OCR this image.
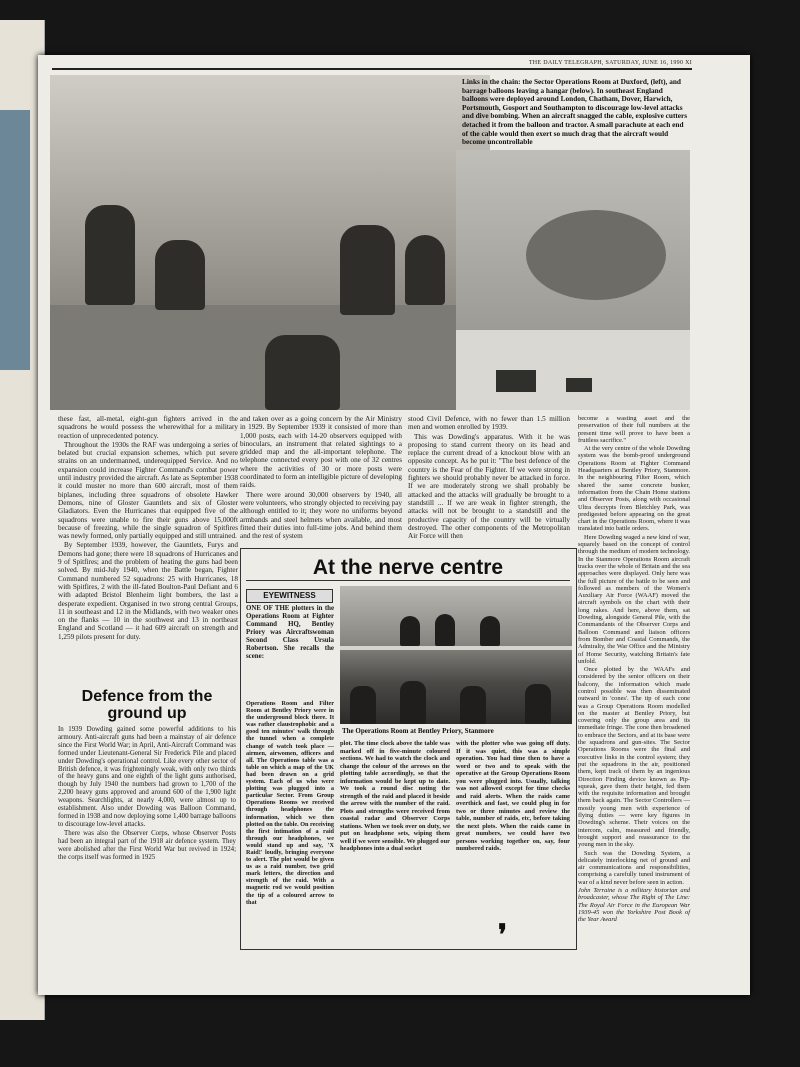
THE DAILY TELEGRAPH, SATURDAY, JUNE 16, 1990 XI
Links in the chain: the Sector Operations Room at Duxford, (left), and barrage balloons leaving a hangar (below). In southeast England balloons were deployed around London, Chatham, Dover, Harwich, Portsmouth, Gosport and Southampton to discourage low-level attacks and dive bombing. When an aircraft snagged the cable, explosive cutters detached it from the balloon and tractor. A small parachute at each end of the cable would then exert so much drag that the aircraft would become uncontrollable

these fast, all-metal, eight-gun fighters arrived in the squadrons he would possess the wherewithal for a military reaction of unprecedented potency.

Throughout the 1930s the RAF was undergoing a series of belated but crucial expansion schemes, which put severe strains on an undermanned, underequipped Service. And no expansion could increase Fighter Command's combat power until industry provided the aircraft. As late as September 1938 it could muster no more than 600 aircraft, most of them biplanes, including three squadrons of obsolete Hawker Demons, nine of Gloster Gauntlets and six of Gloster Gladiators. Even the Hurricanes that equipped five of the squadrons were unable to fire their guns above 15,000ft because of freezing, while the single squadron of Spitfires was newly formed, only partially equipped and still untrained.

By September 1939, however, the Gauntlets, Furys and Demons had gone; there were 18 squadrons of Hurricanes and 9 of Spitfires; and the problem of heating the guns had been solved. By mid-July 1940, when the Battle began, Fighter Command numbered 52 squadrons: 25 with Hurricanes, 18 with Spitfires, 2 with the ill-fated Boulton-Paul Defiant and 6 with adapted Bristol Blenheim light bombers, the last a desperate expedient. Organised in two strong central Groups, 11 in southeast and 12 in the Midlands, with two weaker ones on the flanks — 10 in the southwest and 13 in northeast England and Scotland — it had 609 aircraft on strength and 1,259 pilots present for duty.

and taken over as a going concern by the Air Ministry in 1929. By September 1939 it consisted of more than 1,000 posts, each with 14-20 observers equipped with binoculars, an instrument that related sightings to a gridded map and the all-important telephone. The telephone connected every post with one of 32 centres where the activities of 30 or more posts were coordinated to form an intelligible picture of developing raids.

There were around 30,000 observers by 1940, all were volunteers, who strongly objected to receiving pay although entitled to it; they wore no uniforms beyond armbands and steel helmets when available, and most fitted their duties into full-time jobs. And behind them and the rest of system

stood Civil Defence, with no fewer than 1.5 million men and women enrolled by 1939.

This was Dowding's apparatus. With it he was proposing to stand current theory on its head and replace the current dread of a knockout blow with an opposite concept. As he put it: "The best defence of the country is the Fear of the Fighter. If we were strong in fighters we should probably never be attacked in force. If we are moderately strong we shall probably be attacked and the attacks will gradually be brought to a standstill ... If we are weak in fighter strength, the attacks will not be brought to a standstill and the productive capacity of the country will be virtually destroyed. The other components of the Metropolitan Air Force will then

become a wasting asset and the preservation of their full numbers at the present time will prove to have been a fruitless sacrifice."

At the very centre of the whole Dowding system was the bomb-proof underground Operations Room at Fighter Command Headquarters at Bentley Priory, Stanmore. In the neighbouring Filter Room, which shared the same concrete bunker, information from the Chain Home stations and Observer Posts, along with occasional Ultra decrypts from Bletchley Park, was predigested before appearing on the great chart in the Operations Room, where it was translated into battle orders.

Here Dowding waged a new kind of war, squarely based on the concept of control through the medium of modern technology. In the Stanmore Operations Room aircraft tracks over the whole of Britain and the sea approaches were displayed. Only here was the full picture of the battle to be seen and followed as members of the Women's Auxiliary Air Force (WAAF) moved the aircraft symbols on the chart with their long rakes. And here, above them, sat Dowding, alongside General Pile, with the Commandants of the Observer Corps and Balloon Command and liaison officers from Bomber and Coastal Commands, the Admiralty, the War Office and the Ministry of Home Security, watching Britain's fate unfold.

Once plotted by the WAAFs and considered by the senior officers on their balcony, the information which made control possible was then disseminated outward in 'cones'. The tip of each cone was a Group Operations Room modelled on the master at Bentley Priory, but covering only the group area and its immediate fringe. The cone then broadened to embrace the Sectors, and at its base were the squadrons and gun-sites. The Sector Operations Rooms were the final and executive links in the control system; they put the squadrons in the air, positioned them, kept track of them by an ingenious Direction Finding device known as Pip-squeak, gave them their height, fed them with the requisite information and brought them back again. The Sector Controllers — mostly young men with experience of flying duties — were key figures in Dowding's scheme. Their voices on the intercom, calm, measured and friendly, brought support and reassurance to the young men in the sky.

Such was the Dowding System, a delicately interlocking net of ground and air communications and responsibilities, comprising a carefully tuned instrument of war of a kind never before seen in action.

John Terraine is a military historian and broadcaster, whose The Right of The Line: The Royal Air Force in the European War 1939-45 won the Yorkshire Post Book of the Year Award

At the nerve centre
EYEWITNESS
The Operations Room at Bentley Priory, Stanmore

ONE OF THE plotters in the Operations Room at Fighter Command HQ, Bentley Priory was Aircraftswoman Second Class Ursula Robertson. She recalls the scene:

Operations Room and Filter Room at Bentley Priory were in the underground block there. It was rather claustrophobic and a good ten minutes' walk through the tunnel when a complete change of watch took place — airmen, airwomen, officers and all. The Operations table was a table on which a map of the UK had been drawn on a grid system. Each of us who were plotting was plugged into a particular Sector. From Group Operations Rooms we received through headphones the information, which we then plotted on the table. On receiving the first intimation of a raid through our headphones, we would stand up and say, 'X Raid!' loudly, bringing everyone to alert. The plot would be given us as a raid number, two grid mark letters, the direction and strength of the raid. With a magnetic rod we would position the tip of a coloured arrow to that

plot. The time clock above the table was marked off in five-minute coloured sections. We had to watch the clock and change the colour of the arrows on the plotting table accordingly, so that the information would be kept up to date. We took a round disc noting the strength of the raid and placed it beside the arrow with the number of the raid. Plots and strengths were received from coastal radar and Observer Corps stations. When we took over on duty, we put on headphone sets, wiping them well if we were sensible. We plugged our headphones into a dual socket

with the plotter who was going off duty. If it was quiet, this was a simple operation. You had time then to have a word or two and to speak with the operative at the Group Operations Room you were plugged into. Usually, talking was not allowed except for time checks and raid alerts. When the raids came overthick and fast, we could plug in for two or three minutes and review the table, number of raids, etc, before taking the next plots. When the raids came in great numbers, we could have two persons working together on, say, four numbered raids.

❜
Defence from the ground up

In 1939 Dowding gained some powerful additions to his armoury. Anti-aircraft guns had been a mainstay of air defence since the First World War; in April, Anti-Aircraft Command was formed under Lieutenant-General Sir Frederick Pile and placed under Dowding's operational control. Like every other sector of British defence, it was frighteningly weak, with only two thirds of the heavy guns and one eighth of the light guns authorised, though by July 1940 the numbers had grown to 1,700 of the 2,200 heavy guns approved and around 600 of the 1,900 light weapons. Searchlights, at nearly 4,000, were almost up to establishment. Also under Dowding was Balloon Command, formed in 1938 and now deploying some 1,400 barrage balloons to discourage low-level attacks.

There was also the Observer Corps, whose Observer Posts had been an integral part of the 1918 air defence system. They were abolished after the First World War but revived in 1924; the corps itself was formed in 1925
